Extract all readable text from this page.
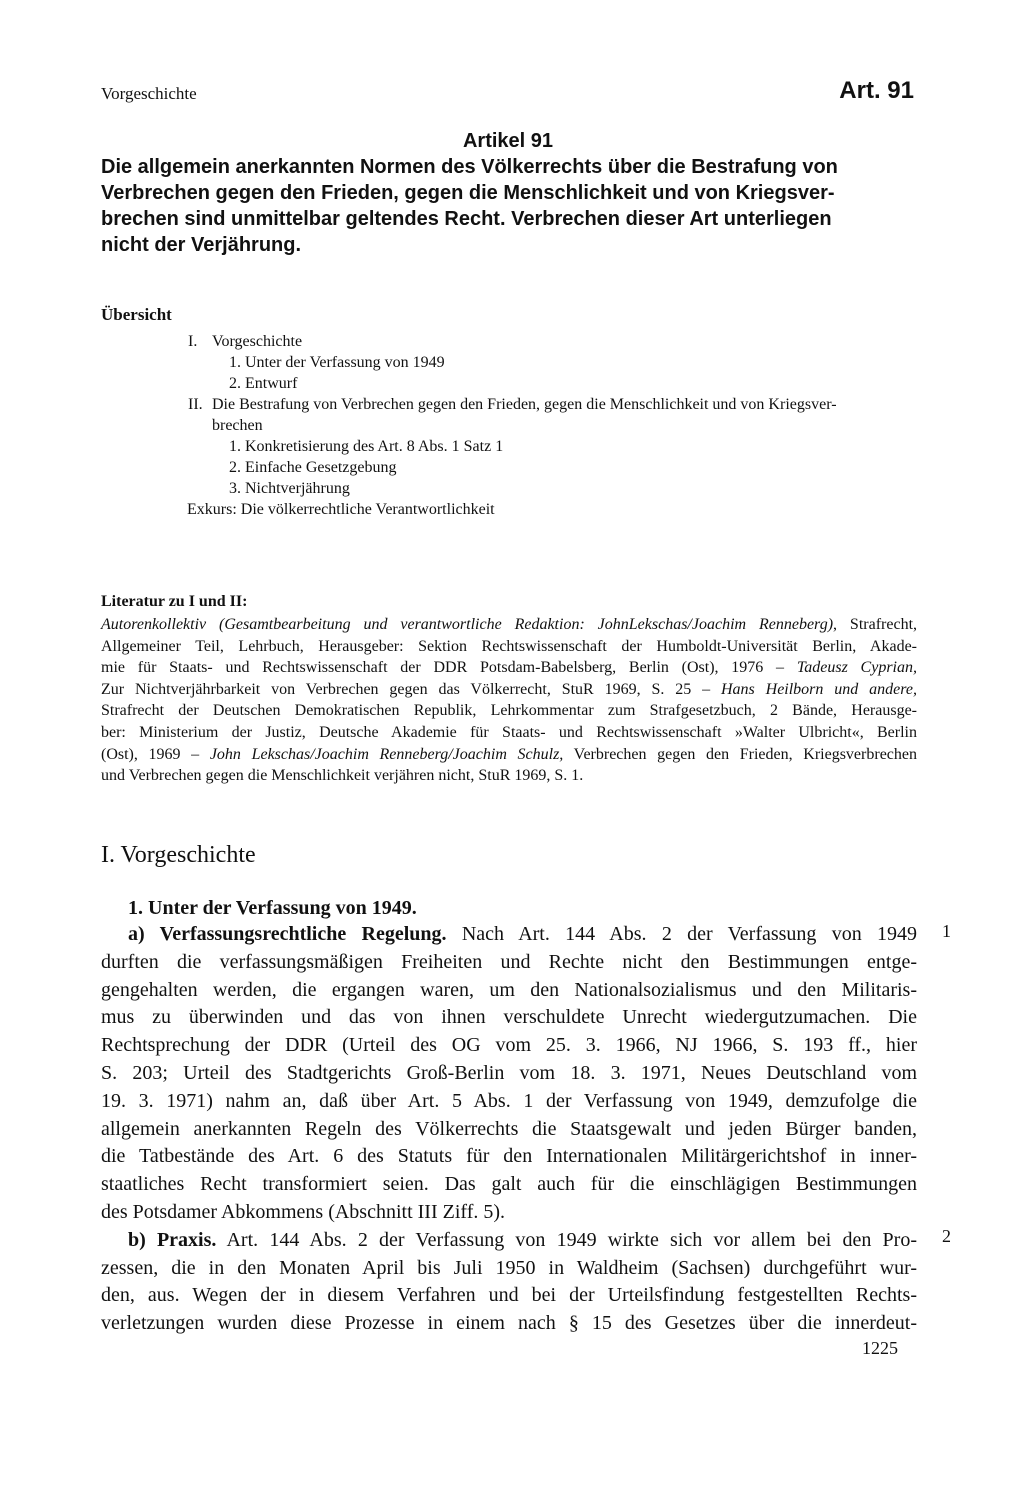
Vorgeschichte	Art. 91
Artikel 91
Die allgemein anerkannten Normen des Völkerrechts über die Bestrafung von
Verbrechen gegen den Frieden, gegen die Menschlichkeit und von Kriegsver-
brechen sind unmittelbar geltendes Recht. Verbrechen dieser Art unterliegen
nicht der Verjährung.
Übersicht
I. Vorgeschichte
1. Unter der Verfassung von 1949
2. Entwurf
II. Die Bestrafung von Verbrechen gegen den Frieden, gegen die Menschlichkeit und von Kriegsver-
brechen
1. Konkretisierung des Art. 8 Abs. 1 Satz 1
2. Einfache Gesetzgebung
3. Nichtverjährung
Exkurs: Die völkerrechtliche Verantwortlichkeit
Literatur zu I und II:
Autorenkollektiv (Gesamtbearbeitung und verantwortliche Redaktion: JohnLekschas/Joachim Renneberg), Strafrecht,
Allgemeiner Teil, Lehrbuch, Herausgeber: Sektion Rechtswissenschaft der Humboldt-Universität Berlin, Akade-
mie für Staats- und Rechtswissenschaft der DDR Potsdam-Babelsberg, Berlin (Ost), 1976 – Tadeusz Cyprian,
Zur Nichtverjährbarkeit von Verbrechen gegen das Völkerrecht, StuR 1969, S. 25 – Hans Heilborn und andere,
Strafrecht der Deutschen Demokratischen Republik, Lehrkommentar zum Strafgesetzbuch, 2 Bände, Herausge-
ber: Ministerium der Justiz, Deutsche Akademie für Staats- und Rechtswissenschaft »Walter Ulbricht«, Berlin
(Ost), 1969 – John Lekschas/Joachim Renneberg/Joachim Schulz, Verbrechen gegen den Frieden, Kriegsverbrechen
und Verbrechen gegen die Menschlichkeit verjähren nicht, StuR 1969, S. 1.
I. Vorgeschichte
1. Unter der Verfassung von 1949.
a) Verfassungsrechtliche Regelung. Nach Art. 144 Abs. 2 der Verfassung von 1949
durften die verfassungsmäßigen Freiheiten und Rechte nicht den Bestimmungen entge-
gengehalten werden, die ergangen waren, um den Nationalsozialismus und den Militaris-
mus zu überwinden und das von ihnen verschuldete Unrecht wiedergutzumachen. Die
Rechtsprechung der DDR (Urteil des OG vom 25. 3. 1966, NJ 1966, S. 193 ff., hier
S. 203; Urteil des Stadtgerichts Groß-Berlin vom 18. 3. 1971, Neues Deutschland vom
19. 3. 1971) nahm an, daß über Art. 5 Abs. 1 der Verfassung von 1949, demzufolge die
allgemein anerkannten Regeln des Völkerrechts die Staatsgewalt und jeden Bürger banden,
die Tatbestände des Art. 6 des Statuts für den Internationalen Militärgerichtshof in inner-
staatliches Recht transformiert seien. Das galt auch für die einschlägigen Bestimmungen
des Potsdamer Abkommens (Abschnitt III Ziff. 5).
b) Praxis. Art. 144 Abs. 2 der Verfassung von 1949 wirkte sich vor allem bei den Pro-
zessen, die in den Monaten April bis Juli 1950 in Waldheim (Sachsen) durchgeführt wur-
den, aus. Wegen der in diesem Verfahren und bei der Urteilsfindung festgestellten Rechts-
verletzungen wurden diese Prozesse in einem nach § 15 des Gesetzes über die innerdeut-
1
2
1225
